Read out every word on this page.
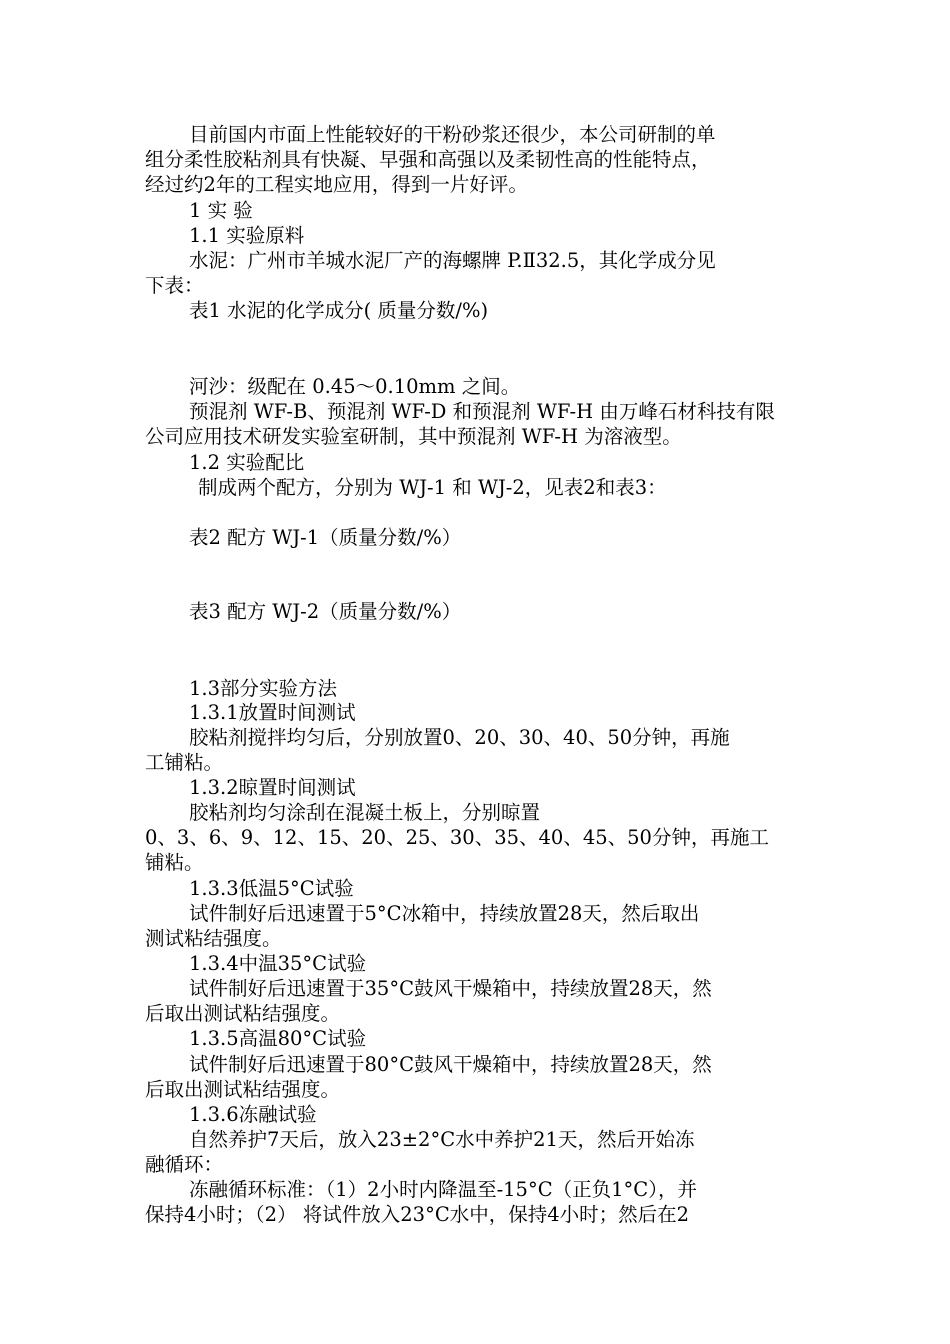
目前国内市面上性能较好的干粉砂浆还很少，本公司研制的单
组分柔性胶粘剂具有快凝、早强和高强以及柔韧性高的性能特点，
经过约2年的工程实地应用，得到一片好评。
1 实 验
1.1 实验原料
水泥：广州市羊城水泥厂产的海螺牌 P.Ⅱ32.5，其化学成分见
下表：
表1 水泥的化学成分( 质量分数/%)
河沙：级配在 0.45～0.10mm 之间。
预混剂 WF-B、预混剂 WF-D 和预混剂 WF-H 由万峰石材科技有限
公司应用技术研发实验室研制，其中预混剂 WF-H 为溶液型。
1.2 实验配比
制成两个配方，分别为 WJ-1 和 WJ-2，见表2和表3：
表2 配方 WJ-1（质量分数/%）
表3 配方 WJ-2（质量分数/%）
1.3部分实验方法
1.3.1放置时间测试
胶粘剂搅拌均匀后，分别放置0、20、30、40、50分钟，再施
工铺粘。
1.3.2晾置时间测试
胶粘剂均匀涂刮在混凝土板上，分别晾置
0、3、6、9、12、15、20、25、30、35、40、45、50分钟，再施工
铺粘。
1.3.3低温5°C试验
试件制好后迅速置于5°C冰箱中，持续放置28天，然后取出
测试粘结强度。
1.3.4中温35°C试验
试件制好后迅速置于35°C鼓风干燥箱中，持续放置28天，然
后取出测试粘结强度。
1.3.5高温80°C试验
试件制好后迅速置于80°C鼓风干燥箱中，持续放置28天，然
后取出测试粘结强度。
1.3.6冻融试验
自然养护7天后，放入23±2°C水中养护21天，然后开始冻
融循环：
冻融循环标准：（1）2小时内降温至-15°C（正负1°C），并
保持4小时；（2） 将试件放入23°C水中，保持4小时；然后在2
